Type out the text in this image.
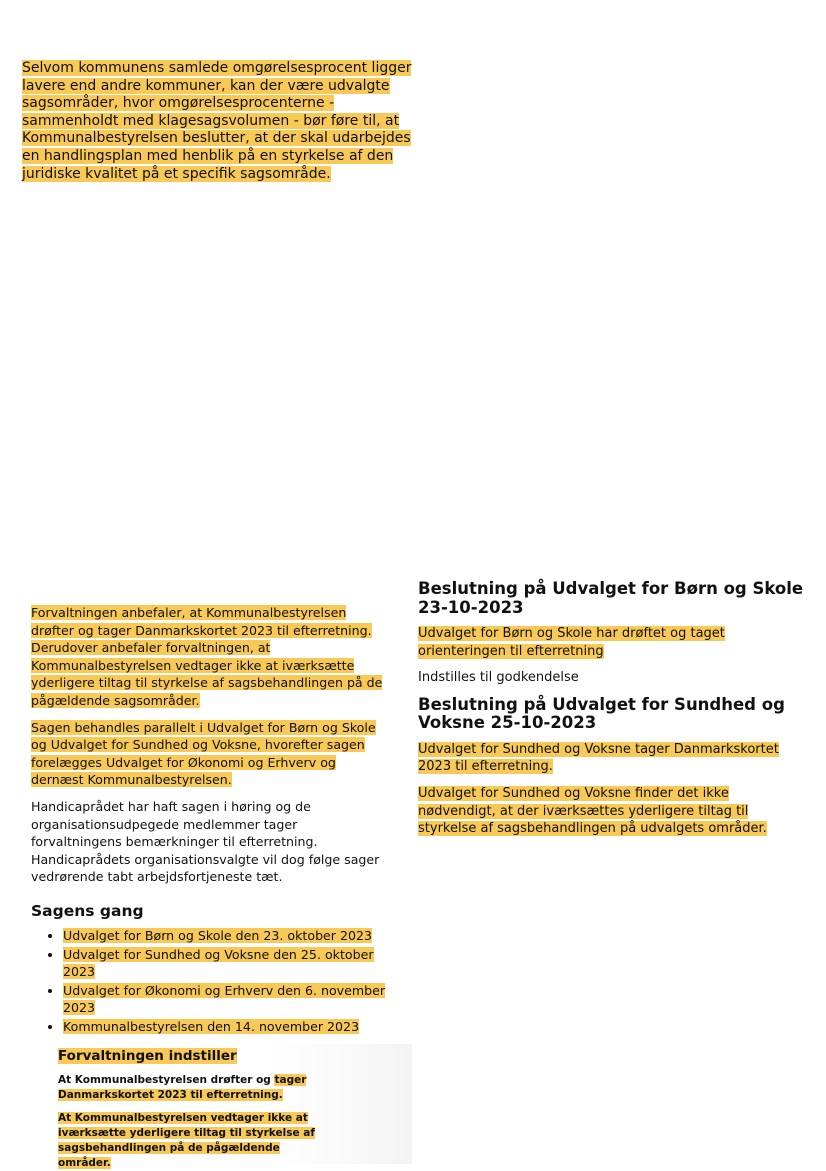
Selvom kommunens samlede omgørelsesprocent ligger lavere end andre kommuner, kan der være udvalgte sagsområder, hvor omgørelsesprocenterne - sammenholdt med klagesagsvolumen - bør føre til, at Kommunalbestyrelsen beslutter, at der skal udarbejdes en handlingsplan med henblik på en styrkelse af den juridiske kvalitet på et specifik sagsområde.

Forvaltningen anbefaler, at Kommunalbestyrelsen drøfter og tager Danmarkskortet 2023 til efterretning. Derudover anbefaler forvaltningen, at Kommunalbestyrelsen vedtager ikke at iværksætte yderligere tiltag til styrkelse af sagsbehandlingen på de pågældende sagsområder.

Sagen behandles parallelt i Udvalget for Børn og Skole og Udvalget for Sundhed og Voksne, hvorefter sagen forelægges Udvalget for Økonomi og Erhverv og dernæst Kommunalbestyrelsen.

Handicaprådet har haft sagen i høring og de organisationsudpegede medlemmer tager forvaltningens bemærkninger til efterretning. Handicaprådets organisationsvalgte vil dog følge sager vedrørende tabt arbejdsfortjeneste tæt.

Sagens gang
• Udvalget for Børn og Skole den 23. oktober 2023
• Udvalget for Sundhed og Voksne den 25. oktober 2023
• Udvalget for Økonomi og Erhverv den 6. november 2023
• Kommunalbestyrelsen den 14. november 2023
Forvaltningen indstiller

At Kommunalbestyrelsen drøfter og tager Danmarkskortet 2023 til efterretning.

At Kommunalbestyrelsen vedtager ikke at iværksætte yderligere tiltag til styrkelse af sagsbehandlingen på de pågældende områder.

Beslutning på Udvalget for Børn og Skole 23-10-2023

Udvalget for Børn og Skole har drøftet og taget orienteringen til efterretning

Indstilles til godkendelse

Beslutning på Udvalget for Sundhed og Voksne 25-10-2023

Udvalget for Sundhed og Voksne tager Danmarkskortet 2023 til efterretning.

Udvalget for Sundhed og Voksne finder det ikke nødvendigt, at der iværksættes yderligere tiltag til styrkelse af sagsbehandlingen på udvalgets områder.
